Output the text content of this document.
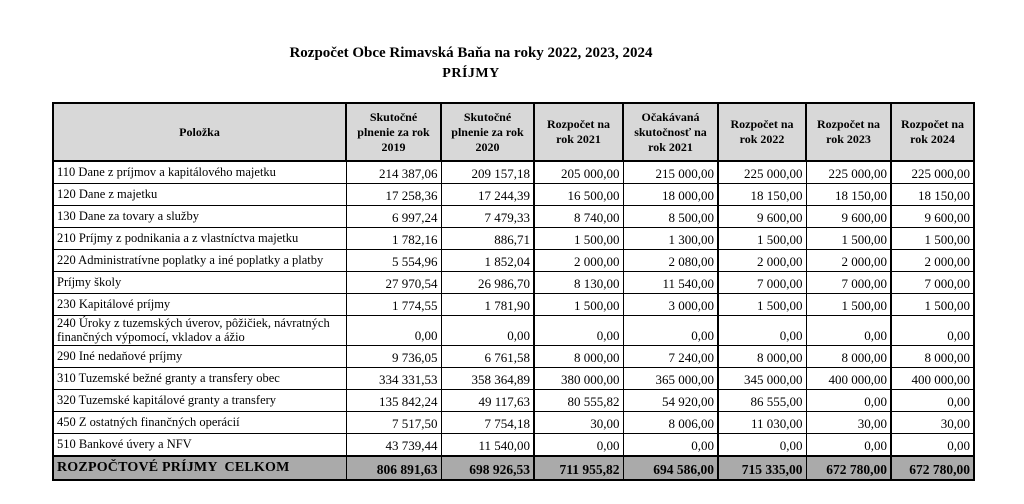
Rozpočet Obce Rimavská Baňa na roky 2022, 2023, 2024
PRÍJMY
Položka	Skutočné plnenie za rok 2019	Skutočné plnenie za rok 2020	Rozpočet na rok 2021	Očakávaná skutočnosť na rok 2021	Rozpočet na rok 2022	Rozpočet na rok 2023	Rozpočet na rok 2024
110 Dane z príjmov a kapitálového majetku	214 387,06	209 157,18	205 000,00	215 000,00	225 000,00	225 000,00	225 000,00
120 Dane z majetku	17 258,36	17 244,39	16 500,00	18 000,00	18 150,00	18 150,00	18 150,00
130 Dane za tovary a služby	6 997,24	7 479,33	8 740,00	8 500,00	9 600,00	9 600,00	9 600,00
210 Príjmy z podnikania a z vlastníctva majetku	1 782,16	886,71	1 500,00	1 300,00	1 500,00	1 500,00	1 500,00
220 Administratívne poplatky a iné poplatky a platby	5 554,96	1 852,04	2 000,00	2 080,00	2 000,00	2 000,00	2 000,00
Príjmy školy	27 970,54	26 986,70	8 130,00	11 540,00	7 000,00	7 000,00	7 000,00
230 Kapitálové príjmy	1 774,55	1 781,90	1 500,00	3 000,00	1 500,00	1 500,00	1 500,00
240 Úroky z tuzemských úverov, pôžičiek, návratných finančných výpomocí, vkladov a ážio	0,00	0,00	0,00	0,00	0,00	0,00	0,00
290 Iné nedaňové príjmy	9 736,05	6 761,58	8 000,00	7 240,00	8 000,00	8 000,00	8 000,00
310 Tuzemské bežné granty a transfery obec	334 331,53	358 364,89	380 000,00	365 000,00	345 000,00	400 000,00	400 000,00
320 Tuzemské kapitálové granty a transfery	135 842,24	49 117,63	80 555,82	54 920,00	86 555,00	0,00	0,00
450 Z ostatných finančných operácií	7 517,50	7 754,18	30,00	8 006,00	11 030,00	30,00	30,00
510 Bankové úvery a NFV	43 739,44	11 540,00	0,00	0,00	0,00	0,00	0,00
ROZPOČTOVÉ PRÍJMY  CELKOM	806 891,63	698 926,53	711 955,82	694 586,00	715 335,00	672 780,00	672 780,00
